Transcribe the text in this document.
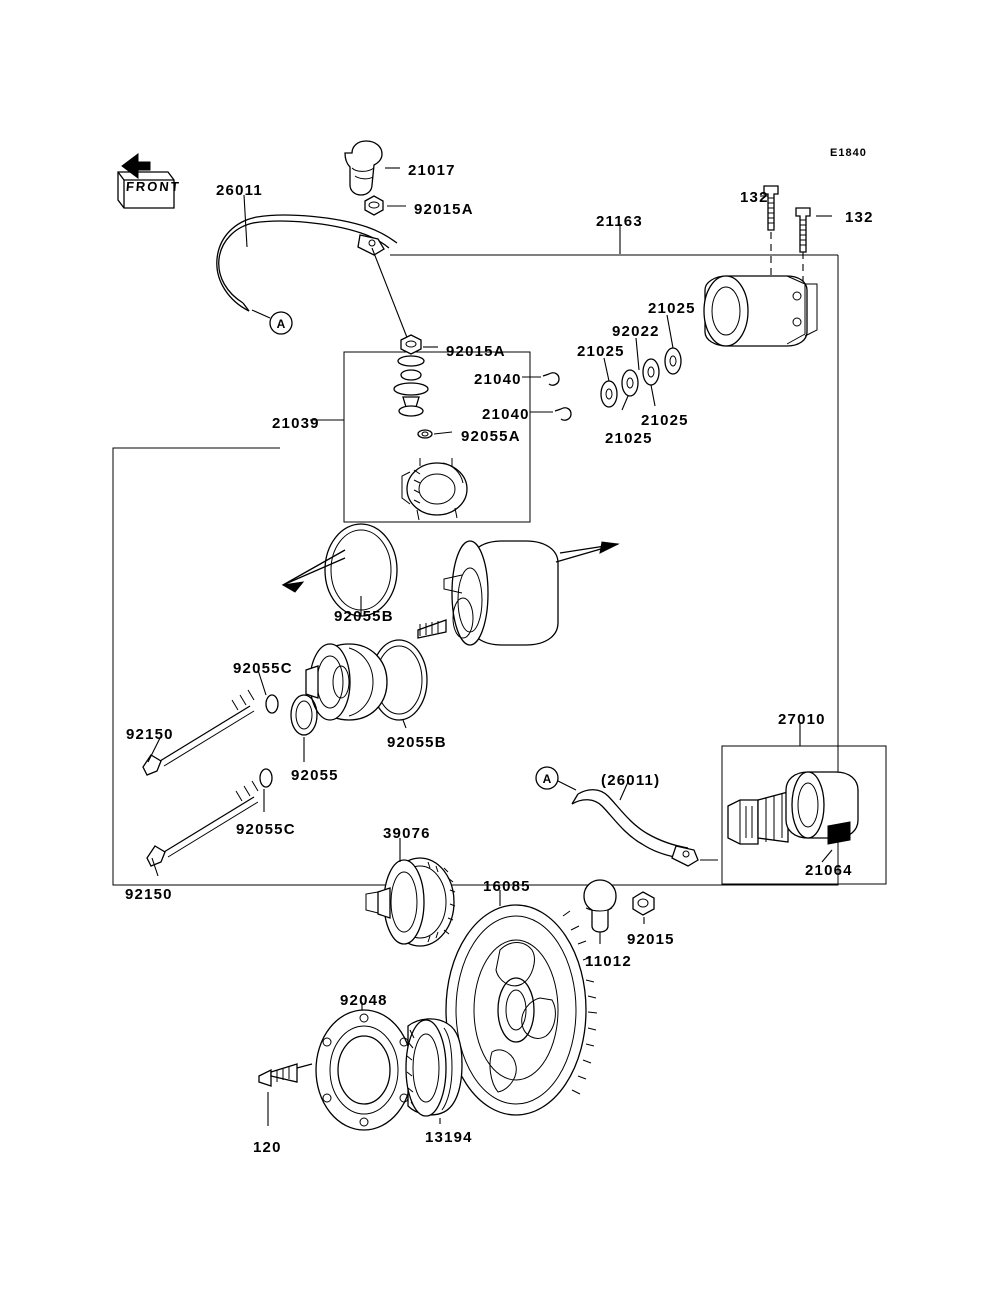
A
A
FRONT
E1840
21017
26011
92015A
132
132
21163
21025
92022
21025
92015A
21040
21040	21025
21039
92055A	21025
92055B
92055C
27010
92150	92055B
92055	(26011)
92055C	39076
21064
16085
92150
92015
11012
92048
13194
120
